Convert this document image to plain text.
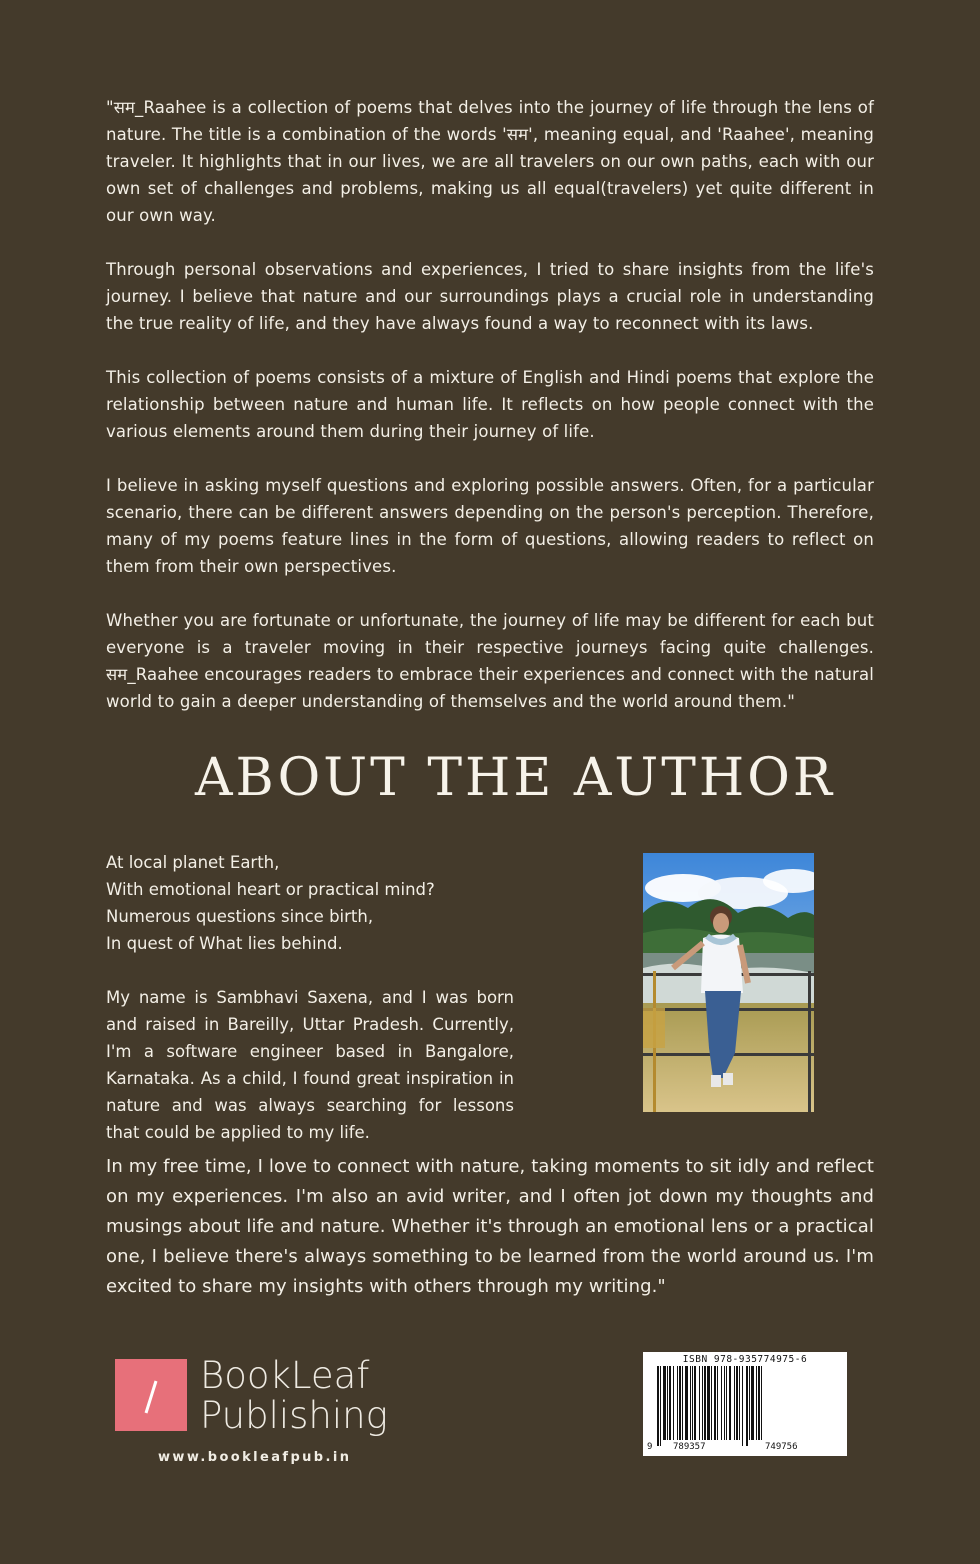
"सम_Raahee is a collection of poems that delves into the journey of life through the lens of nature. The title is a combination of the words 'सम', meaning equal, and 'Raahee', meaning traveler. It highlights that in our lives, we are all travelers on our own paths, each with our own set of challenges and problems, making us all equal(travelers) yet quite different in our own way.

Through personal observations and experiences, I tried to share insights from the life's journey. I believe that nature and our surroundings plays a crucial role in understanding the true reality of life, and they have always found a way to reconnect with its laws.

This collection of poems consists of a mixture of English and Hindi poems that explore the relationship between nature and human life. It reflects on how people connect with the various elements around them during their journey of life.

I believe in asking myself questions and exploring possible answers. Often, for a particular scenario, there can be different answers depending on the person's perception. Therefore, many of my poems feature lines in the form of questions, allowing readers to reflect on them from their own perspectives.

Whether you are fortunate or unfortunate, the journey of life may be different for each but everyone is a traveler moving in their respective journeys facing quite challenges. सम_Raahee encourages readers to embrace their experiences and connect with the natural world to gain a deeper understanding of themselves and the world around them."

ABOUT THE AUTHOR
At local planet Earth,
With emotional heart or practical mind?
Numerous questions since birth,
In quest of What lies behind.

My name is Sambhavi Saxena, and I was born and raised in Bareilly, Uttar Pradesh. Currently, I'm a software engineer based in Bangalore, Karnataka. As a child, I found great inspiration in nature and was always searching for lessons that could be applied to my life.

In my free time, I love to connect with nature, taking moments to sit idly and reflect on my experiences. I'm also an avid writer, and I often jot down my thoughts and musings about life and nature. Whether it's through an emotional lens or a practical one, I believe there's always something to be learned from the world around us. I'm excited to share my insights with others through my writing."

BookLeaf
Publishing
www.bookleafpub.in
ISBN 978-935774975-6
9 789357	749756
